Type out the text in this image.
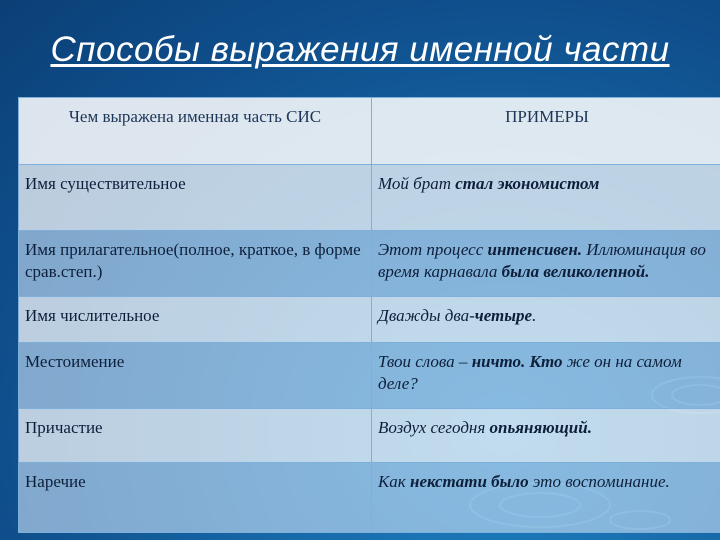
Способы выражения именной части
Чем выражена именная часть СИС	ПРИМЕРЫ
Имя существительное	Мой брат стал экономистом
Имя прилагательное(полное, краткое, в форме срав.степ.)	Этот процесс интенсивен. Иллюминация во время карнавала была великолепной.
Имя числительное	Дважды два-четыре.
Местоимение	Твои слова – ничто. Кто же он на самом деле?
Причастие	Воздух сегодня опьяняющий.
Наречие	Как некстати было это воспоминание.
